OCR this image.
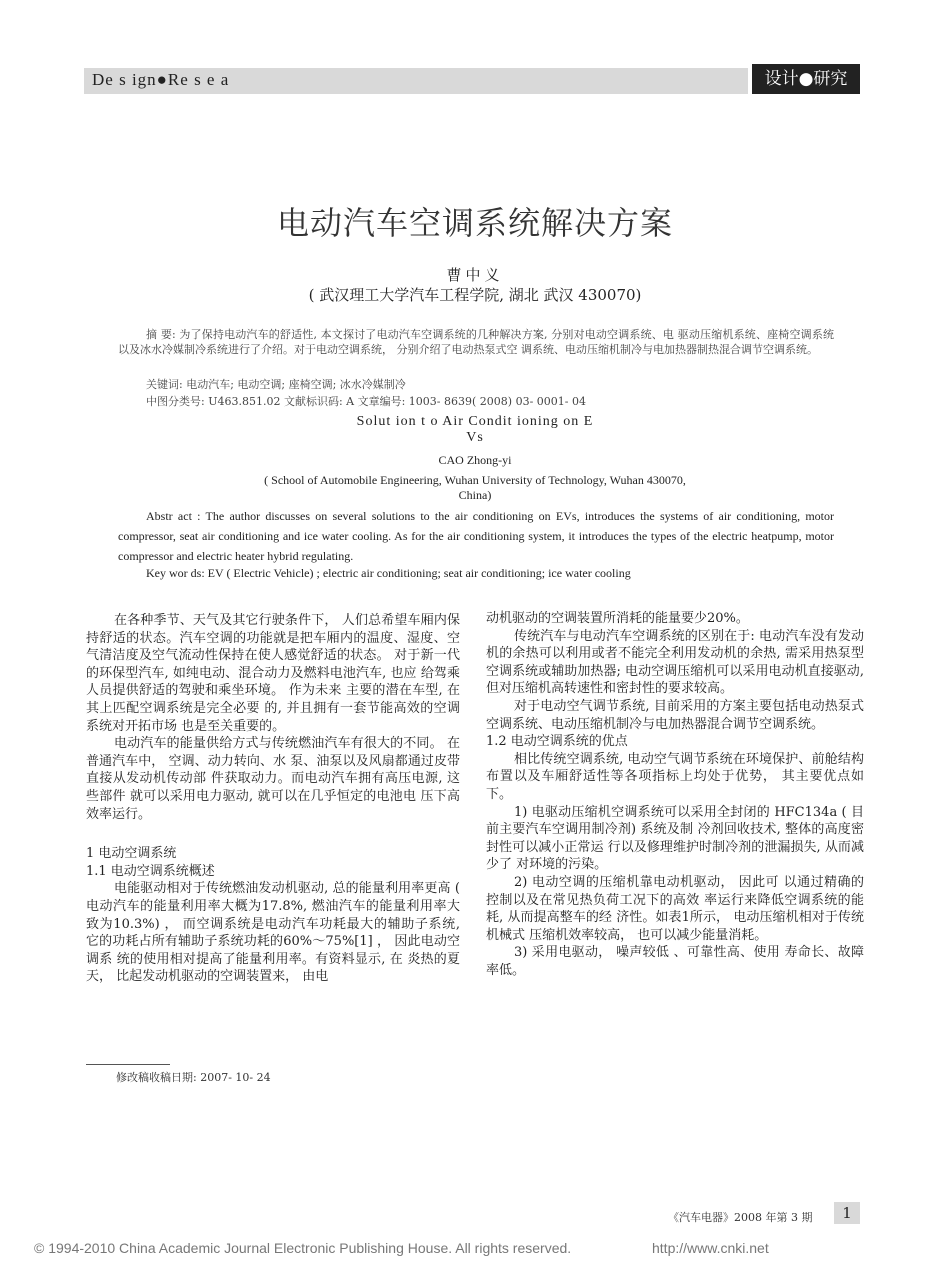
De s ign●Re s e a	设计●研究
电动汽车空调系统解决方案
曹中义
( 武汉理工大学汽车工程学院, 湖北 武汉 430070)
摘 要: 为了保持电动汽车的舒适性, 本文探讨了电动汽车空调系统的几种解决方案, 分别对电动空调系统、电 驱动压缩机系统、座椅空调系统以及冰水冷媒制冷系统进行了介绍。对于电动空调系统， 分别介绍了电动热泵式空 调系统、电动压缩机制冷与电加热器制热混合调节空调系统。
关键词: 电动汽车; 电动空调; 座椅空调; 冰水冷媒制冷
中图分类号: U463.851.02 文献标识码: A 文章编号: 1003- 8639( 2008) 03- 0001- 04
Solut ion t o Air Condit ioning on E
Vs
CAO Zhong-yi
( School of Automobile Engineering, Wuhan University of Technology, Wuhan 430070,
China)
Abstr act : The author discusses on several solutions to the air conditioning on EVs, introduces the systems of air conditioning, motor compressor, seat air conditioning and ice water cooling. As for the air conditioning system, it introduces the types of the electric heatpump, motor compressor and electric heater hybrid regulating.
Key wor ds: EV ( Electric Vehicle) ; electric air conditioning; seat air conditioning; ice water cooling

在各种季节、天气及其它行驶条件下， 人们总希望车厢内保持舒适的状态。汽车空调的功能就是把车厢内的温度、湿度、空气清洁度及空气流动性保持在使人感觉舒适的状态。 对于新一代的环保型汽车, 如纯电动、混合动力及燃料电池汽车, 也应 给驾乘人员提供舒适的驾驶和乘坐环境。 作为未来 主要的潜在车型, 在其上匹配空调系统是完全必要 的, 并且拥有一套节能高效的空调系统对开拓市场 也是至关重要的。

电动汽车的能量供给方式与传统燃油汽车有很大的不同。 在普通汽车中， 空调、动力转向、水 泵、油泵以及风扇都通过皮带直接从发动机传动部 件获取动力。而电动汽车拥有高压电源, 这些部件 就可以采用电力驱动, 就可以在几乎恒定的电池电 压下高效率运行。

1 电动空调系统

1.1 电动空调系统概述

电能驱动相对于传统燃油发动机驱动, 总的能量利用率更高 ( 电动汽车的能量利用率大概为17.8%, 燃油汽车的能量利用率大致为10.3%) ， 而空调系统是电动汽车功耗最大的辅助子系统, 它的功耗占所有辅助子系统功耗的60%～75%[1] ， 因此电动空调系 统的使用相对提高了能量利用率。有资料显示, 在 炎热的夏天， 比起发动机驱动的空调装置来， 由电

动机驱动的空调装置所消耗的能量要少20%。

传统汽车与电动汽车空调系统的区别在于: 电动汽车没有发动机的余热可以利用或者不能完全利用发动机的余热, 需采用热泵型空调系统或辅助加热器; 电动空调压缩机可以采用电动机直接驱动, 但对压缩机高转速性和密封性的要求较高。

对于电动空气调节系统, 目前采用的方案主要包括电动热泵式空调系统、电动压缩机制冷与电加热器混合调节空调系统。

1.2 电动空调系统的优点

相比传统空调系统, 电动空气调节系统在环境保护、前舱结构布置以及车厢舒适性等各项指标上均处于优势， 其主要优点如下。

1) 电驱动压缩机空调系统可以采用全封闭的 HFC134a ( 目前主要汽车空调用制冷剂) 系统及制 冷剂回收技术, 整体的高度密封性可以减小正常运 行以及修理维护时制冷剂的泄漏损失, 从而减少了 对环境的污染。

2) 电动空调的压缩机靠电动机驱动， 因此可 以通过精确的控制以及在常见热负荷工况下的高效 率运行来降低空调系统的能耗, 从而提高整车的经 济性。如表1所示， 电动压缩机相对于传统机械式 压缩机效率较高， 也可以减少能量消耗。

3) 采用电驱动， 噪声较低 、可靠性高、使用 寿命长、故障率低。

修改稿收稿日期: 2007- 10- 24
《汽车电器》2008 年第 3 期	1
© 1994-2010 China Academic Journal Electronic Publishing House. All rights reserved.	http://www.cnki.net
